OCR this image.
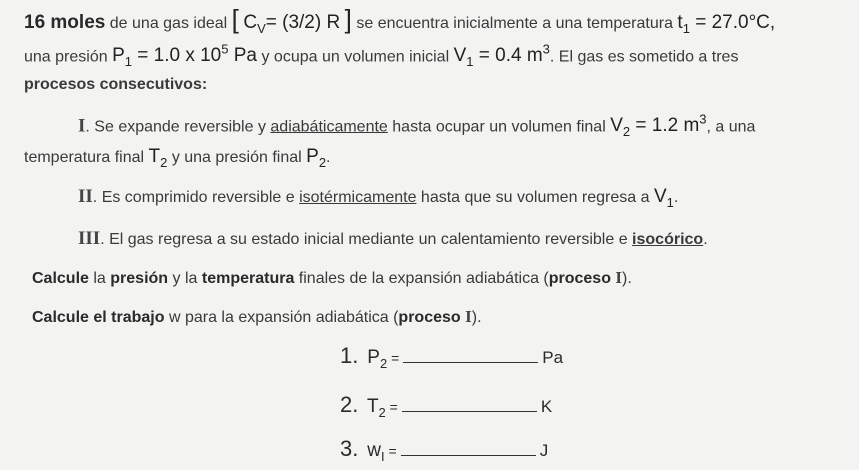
16 moles de una gas ideal [ $C_V= (3/2)$ R ] se encuentra inicialmente a una temperatura $t_1 = 27.0^\circ C$,
una presión $P_1 = 1.0$ x $10^5$ Pa y ocupa un volumen inicial $V_1 = 0.4$ $m^3$. El gas es sometido a tres
procesos consecutivos:
I. Se expande reversible y adiabáticamente hasta ocupar un volumen final $V_2 = 1.2$ $m^3$, a una
temperatura final $T_2$ y una presión final $P_2$.
II. Es comprimido reversible e isotérmicamente hasta que su volumen regresa a $V_1$.
III. El gas regresa a su estado inicial mediante un calentamiento reversible e isocórico.
Calcule la presión y la temperatura finales de la expansión adiabática (proceso I).
Calcule el trabajo w para la expansión adiabática (proceso I).
1. $P_2$ =	Pa
2. $T_2$ =	K
3. $w_I$ =	J
